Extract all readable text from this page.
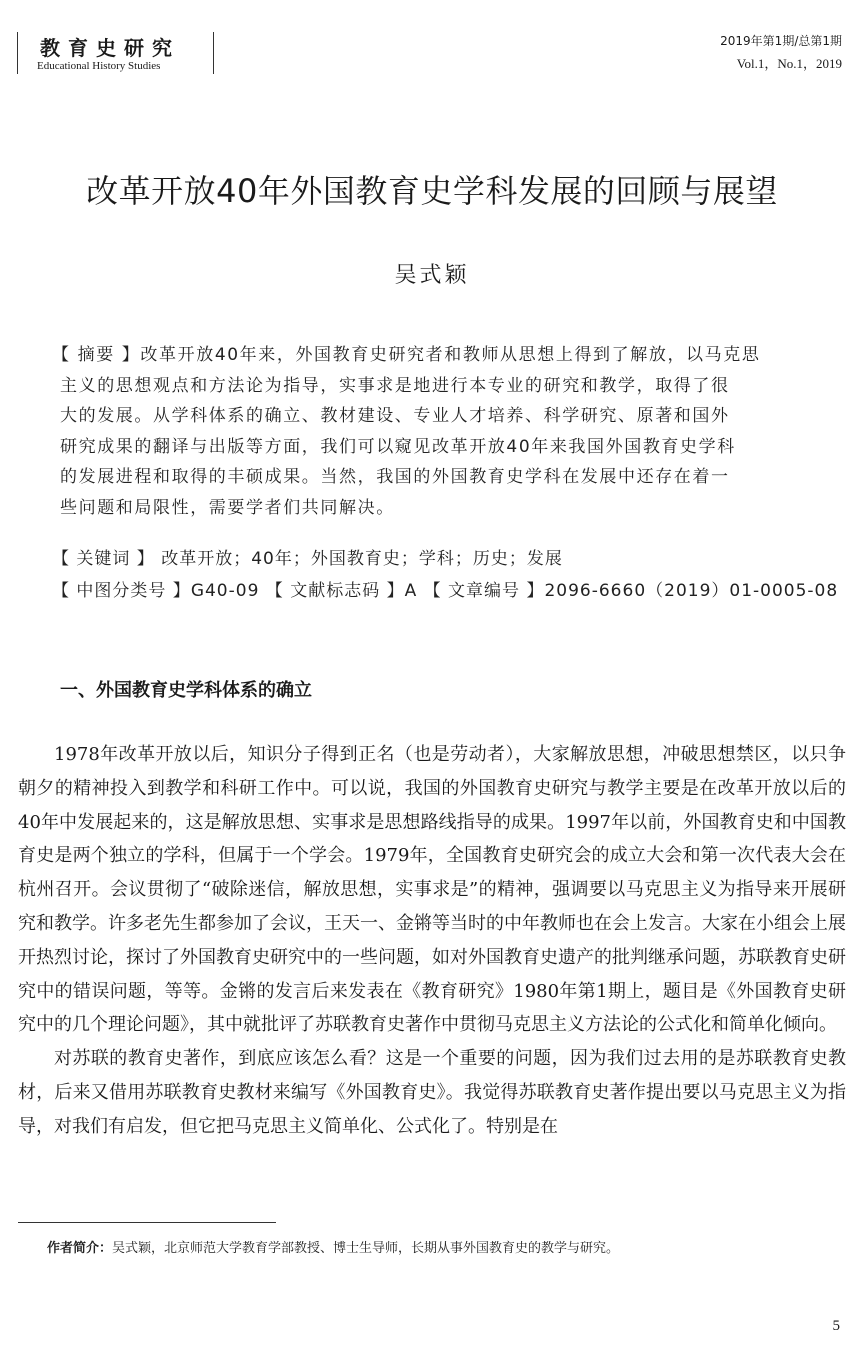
教育史研究
Educational History Studies
2019年第1期/总第1期
Vol.1，No.1，2019
改革开放40年外国教育史学科发展的回顾与展望
吴式颖

【 摘要 】改革开放40年来，外国教育史研究者和教师从思想上得到了解放，以马克思

主义的思想观点和方法论为指导，实事求是地进行本专业的研究和教学，取得了很

大的发展。从学科体系的确立、教材建设、专业人才培养、科学研究、原著和国外

研究成果的翻译与出版等方面，我们可以窥见改革开放40年来我国外国教育史学科

的发展进程和取得的丰硕成果。当然，我国的外国教育史学科在发展中还存在着一

些问题和局限性，需要学者们共同解决。

【 关键词 】 改革开放；40年；外国教育史；学科；历史；发展
【 中图分类号 】G40-09 【 文献标志码 】A 【 文章编号 】2096-6660（2019）01-0005-08
一、外国教育史学科体系的确立

1978年改革开放以后，知识分子得到正名（也是劳动者），大家解放思想，冲破思想禁区，以只争朝夕的精神投入到教学和科研工作中。可以说，我国的外国教育史研究与教学主要是在改革开放以后的40年中发展起来的，这是解放思想、实事求是思想路线指导的成果。1997年以前，外国教育史和中国教育史是两个独立的学科，但属于一个学会。1979年，全国教育史研究会的成立大会和第一次代表大会在杭州召开。会议贯彻了“破除迷信，解放思想，实事求是”的精神，强调要以马克思主义为指导来开展研究和教学。许多老先生都参加了会议，王天一、金锵等当时的中年教师也在会上发言。大家在小组会上展开热烈讨论，探讨了外国教育史研究中的一些问题，如对外国教育史遗产的批判继承问题，苏联教育史研究中的错误问题，等等。金锵的发言后来发表在《教育研究》1980年第1期上，题目是《外国教育史研究中的几个理论问题》，其中就批评了苏联教育史著作中贯彻马克思主义方法论的公式化和简单化倾向。

对苏联的教育史著作，到底应该怎么看？这是一个重要的问题，因为我们过去用的是苏联教育史教材，后来又借用苏联教育史教材来编写《外国教育史》。我觉得苏联教育史著作提出要以马克思主义为指导，对我们有启发，但它把马克思主义简单化、公式化了。特别是在

作者简介：吴式颖，北京师范大学教育学部教授、博士生导师，长期从事外国教育史的教学与研究。
5
